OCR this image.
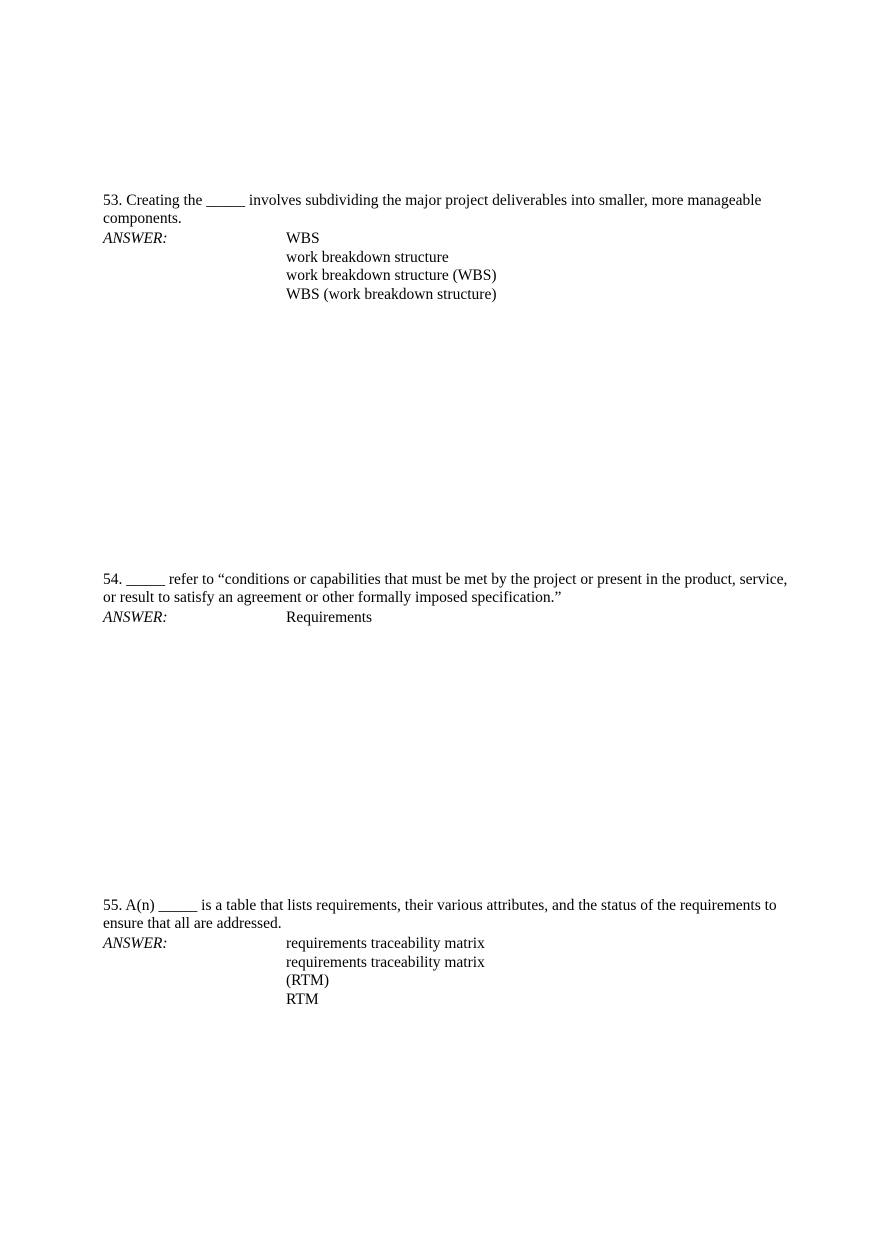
53. Creating the _____ involves subdividing the major project deliverables into smaller, more manageable components.

ANSWER:	WBS
work breakdown structure
work breakdown structure (WBS)
WBS (work breakdown structure)

54. _____ refer to “conditions or capabilities that must be met by the project or present in the product, service, or result to satisfy an agreement or other formally imposed specification.”

ANSWER:	Requirements

55. A(n) _____ is a table that lists requirements, their various attributes, and the status of the requirements to ensure that all are addressed.

ANSWER:	requirements traceability matrix
requirements traceability matrix
(RTM)
RTM
